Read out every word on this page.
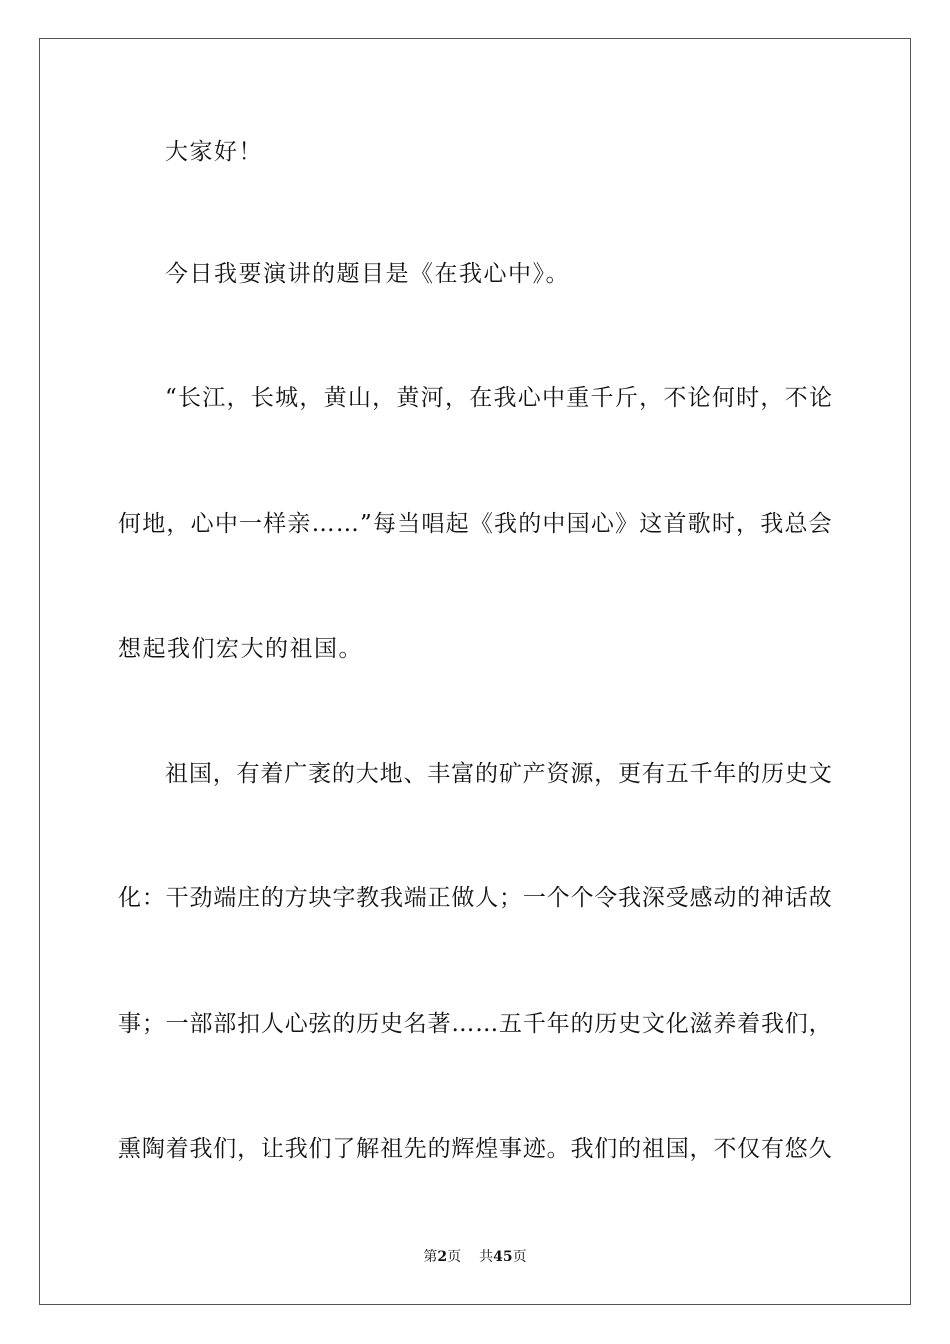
大家好！
今日我要演讲的题目是《在我心中》。
“ 长 江 ， 长 城 ， 黄 山 ， 黄 河 ， 在 我 心 中 重 千 斤 ， 不 论 何 时 ， 不 论
何 地 ， 心 中 一 样 亲 … … ” 每 当 唱 起 《 我 的 中 国 心 》 这 首 歌 时 ， 我 总 会
想起我们宏大的祖国。
祖 国 ， 有 着 广 袤 的 大 地 、 丰 富 的 矿 产 资 源 ， 更 有 五 千 年 的 历 史 文
化 ： 干 劲 端 庄 的 方 块 字 教 我 端 正 做 人 ； 一 个 个 令 我 深 受 感 动 的 神 话 故
事 ； 一 部 部 扣 人 心 弦 的 历 史 名 著 … … 五 千 年 的 历 史 文 化 滋 养 着 我 们 ，
熏 陶 着 我 们 ， 让 我 们 了 解 祖 先 的 辉 煌 事 迹 。 我 们 的 祖 国 ， 不 仅 有 悠 久
第2页 共45页
